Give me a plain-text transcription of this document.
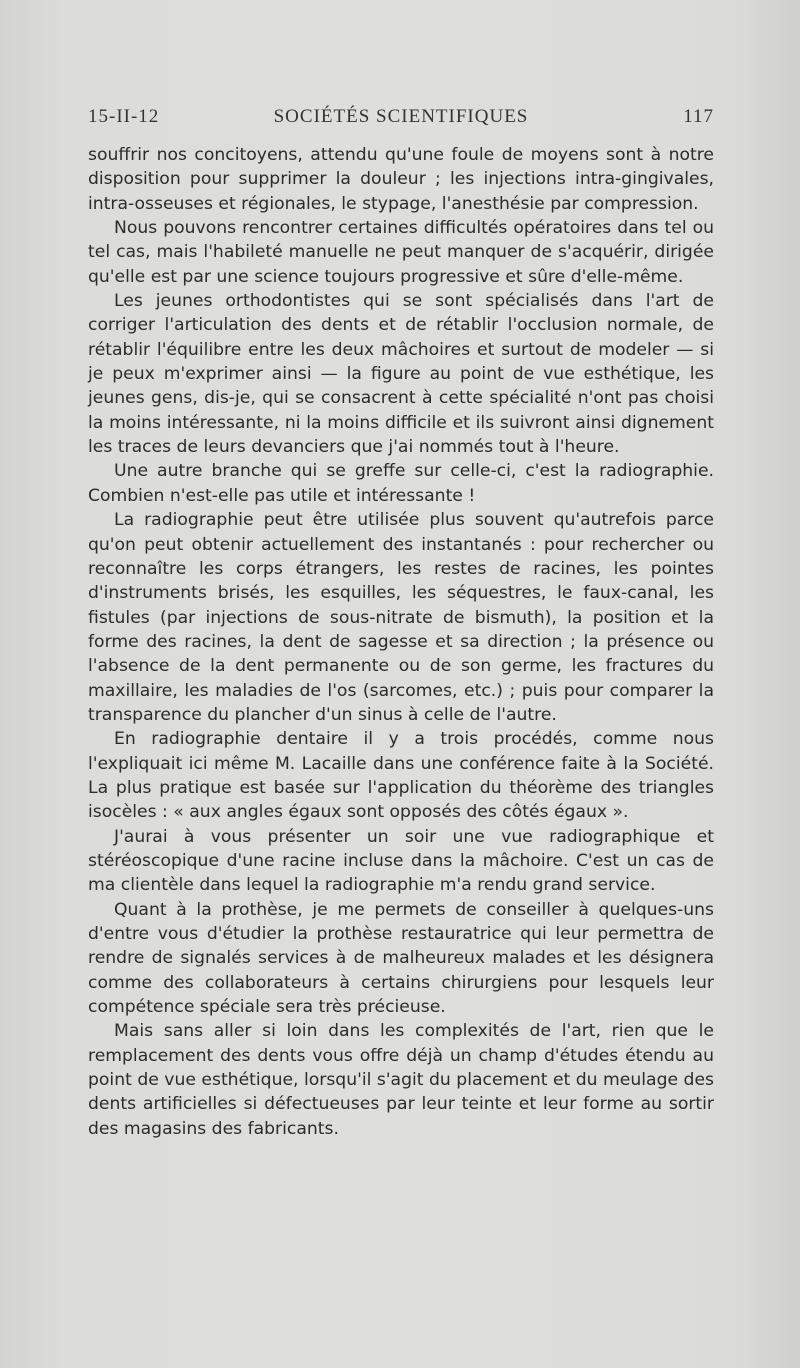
15-II-12	SOCIÉTÉS SCIENTIFIQUES	117

souffrir nos concitoyens, attendu qu'une foule de moyens sont à notre disposition pour supprimer la douleur ; les injections intra-gingivales, intra-osseuses et régionales, le stypage, l'anesthésie par compression.

Nous pouvons rencontrer certaines difficultés opératoires dans tel ou tel cas, mais l'habileté manuelle ne peut manquer de s'acquérir, dirigée qu'elle est par une science toujours progressive et sûre d'elle-même.

Les jeunes orthodontistes qui se sont spécialisés dans l'art de corriger l'articulation des dents et de rétablir l'occlusion normale, de rétablir l'équilibre entre les deux mâchoires et surtout de modeler — si je peux m'exprimer ainsi — la figure au point de vue esthétique, les jeunes gens, dis-je, qui se consacrent à cette spécialité n'ont pas choisi la moins intéressante, ni la moins difficile et ils suivront ainsi dignement les traces de leurs devanciers que j'ai nommés tout à l'heure.

Une autre branche qui se greffe sur celle-ci, c'est la radiographie. Combien n'est-elle pas utile et intéressante !

La radiographie peut être utilisée plus souvent qu'autrefois parce qu'on peut obtenir actuellement des instantanés : pour rechercher ou reconnaître les corps étrangers, les restes de racines, les pointes d'instruments brisés, les esquilles, les séquestres, le faux-canal, les fistules (par injections de sous-nitrate de bismuth), la position et la forme des racines, la dent de sagesse et sa direction ; la présence ou l'absence de la dent permanente ou de son germe, les fractures du maxillaire, les maladies de l'os (sarcomes, etc.) ; puis pour comparer la transparence du plancher d'un sinus à celle de l'autre.

En radiographie dentaire il y a trois procédés, comme nous l'expliquait ici même M. Lacaille dans une conférence faite à la Société. La plus pratique est basée sur l'application du théorème des triangles isocèles : « aux angles égaux sont opposés des côtés égaux ».

J'aurai à vous présenter un soir une vue radiographique et stéréoscopique d'une racine incluse dans la mâchoire. C'est un cas de ma clientèle dans lequel la radiographie m'a rendu grand service.

Quant à la prothèse, je me permets de conseiller à quelques-uns d'entre vous d'étudier la prothèse restauratrice qui leur permettra de rendre de signalés services à de malheureux malades et les désignera comme des collaborateurs à certains chirurgiens pour lesquels leur compétence spéciale sera très précieuse.

Mais sans aller si loin dans les complexités de l'art, rien que le remplacement des dents vous offre déjà un champ d'études étendu au point de vue esthétique, lorsqu'il s'agit du placement et du meulage des dents artificielles si défectueuses par leur teinte et leur forme au sortir des magasins des fabricants.
